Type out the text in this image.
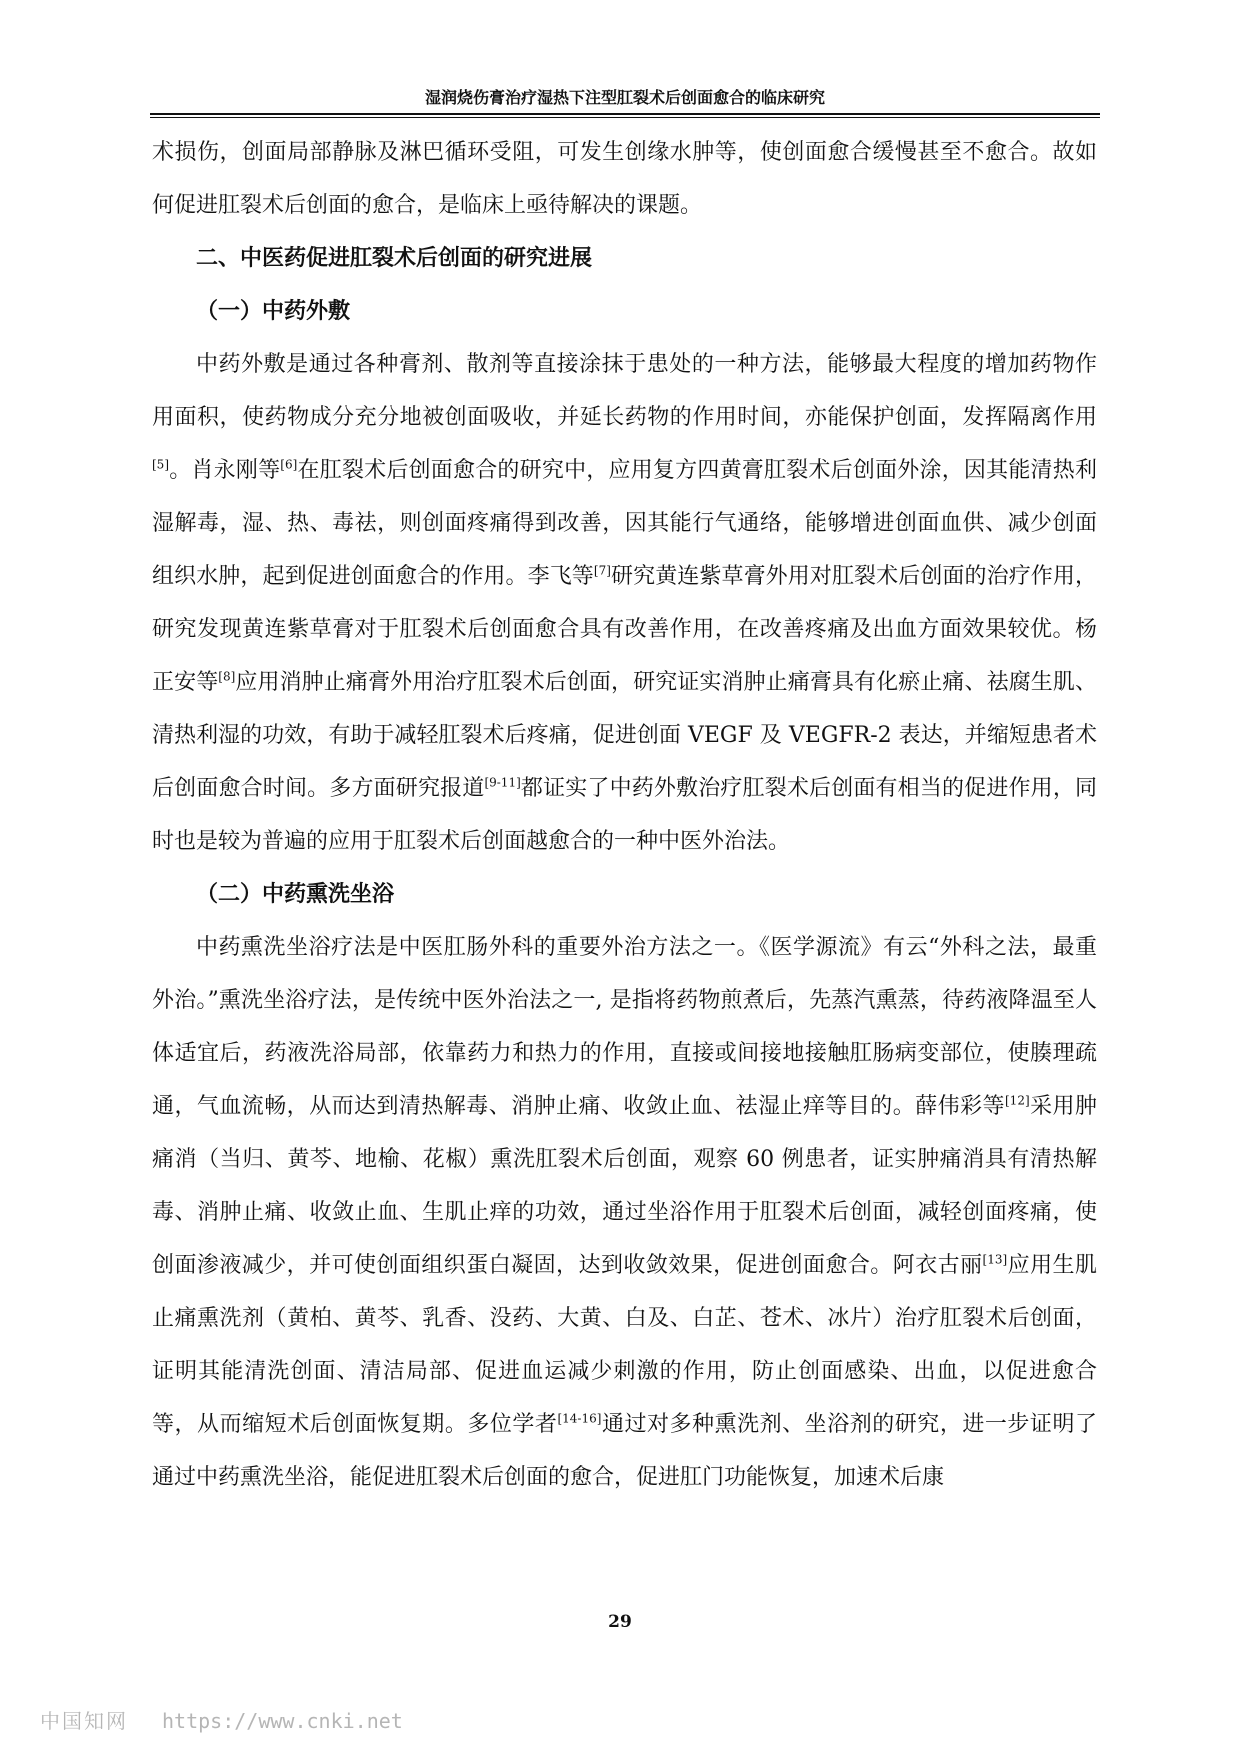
湿润烧伤膏治疗湿热下注型肛裂术后创面愈合的临床研究

术损伤，创面局部静脉及淋巴循环受阻，可发生创缘水肿等，使创面愈合缓慢甚至不愈合。故如何促进肛裂术后创面的愈合，是临床上亟待解决的课题。

二、中医药促进肛裂术后创面的研究进展

（一）中药外敷

中药外敷是通过各种膏剂、散剂等直接涂抹于患处的一种方法，能够最大程度的增加药物作用面积，使药物成分充分地被创面吸收，并延长药物的作用时间，亦能保护创面，发挥隔离作用[5]。肖永刚等[6]在肛裂术后创面愈合的研究中，应用复方四黄膏肛裂术后创面外涂，因其能清热利湿解毒，湿、热、毒祛，则创面疼痛得到改善，因其能行气通络，能够增进创面血供、减少创面组织水肿，起到促进创面愈合的作用。李飞等[7]研究黄连紫草膏外用对肛裂术后创面的治疗作用，研究发现黄连紫草膏对于肛裂术后创面愈合具有改善作用，在改善疼痛及出血方面效果较优。杨正安等[8]应用消肿止痛膏外用治疗肛裂术后创面，研究证实消肿止痛膏具有化瘀止痛、祛腐生肌、清热利湿的功效，有助于减轻肛裂术后疼痛，促进创面 VEGF 及 VEGFR-2 表达，并缩短患者术后创面愈合时间。多方面研究报道[9-11]都证实了中药外敷治疗肛裂术后创面有相当的促进作用，同时也是较为普遍的应用于肛裂术后创面越愈合的一种中医外治法。

（二）中药熏洗坐浴

中药熏洗坐浴疗法是中医肛肠外科的重要外治方法之一。《医学源流》有云“外科之法，最重外治。”熏洗坐浴疗法，是传统中医外治法之一, 是指将药物煎煮后，先蒸汽熏蒸，待药液降温至人体适宜后，药液洗浴局部，依靠药力和热力的作用，直接或间接地接触肛肠病变部位，使腠理疏通，气血流畅，从而达到清热解毒、消肿止痛、收敛止血、祛湿止痒等目的。薛伟彩等[12]采用肿痛消（当归、黄芩、地榆、花椒）熏洗肛裂术后创面，观察 60 例患者，证实肿痛消具有清热解毒、消肿止痛、收敛止血、生肌止痒的功效，通过坐浴作用于肛裂术后创面，减轻创面疼痛，使创面渗液减少，并可使创面组织蛋白凝固，达到收敛效果，促进创面愈合。阿衣古丽[13]应用生肌止痛熏洗剂（黄柏、黄芩、乳香、没药、大黄、白及、白芷、苍术、冰片）治疗肛裂术后创面，证明其能清洗创面、清洁局部、促进血运减少刺激的作用，防止创面感染、出血，以促进愈合等，从而缩短术后创面恢复期。多位学者[14-16]通过对多种熏洗剂、坐浴剂的研究，进一步证明了通过中药熏洗坐浴，能促进肛裂术后创面的愈合，促进肛门功能恢复，加速术后康

29
中国知网 https://www.cnki.net
